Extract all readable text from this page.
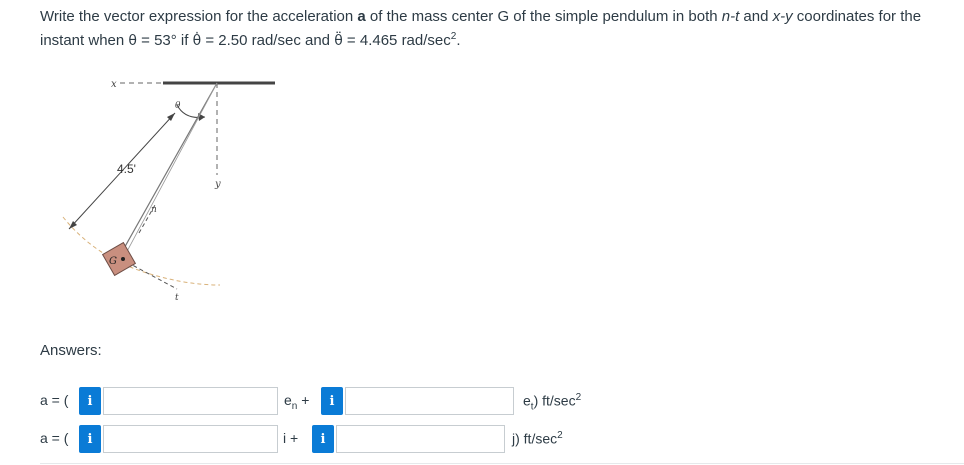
Write the vector expression for the acceleration a of the mass center G of the simple pendulum in both n-t and x-y coordinates for the
instant when θ = 53° if θ̇ = 2.50 rad/sec and θ̈ = 4.465 rad/$\sec^2$.
x
y
θ
4.5'
n
t
G
Answers:
a = ( i	$e_n + i$	$e_t$) $ft/\sec^2$
a = ( i	i + i	j) $ft/\sec^2$
